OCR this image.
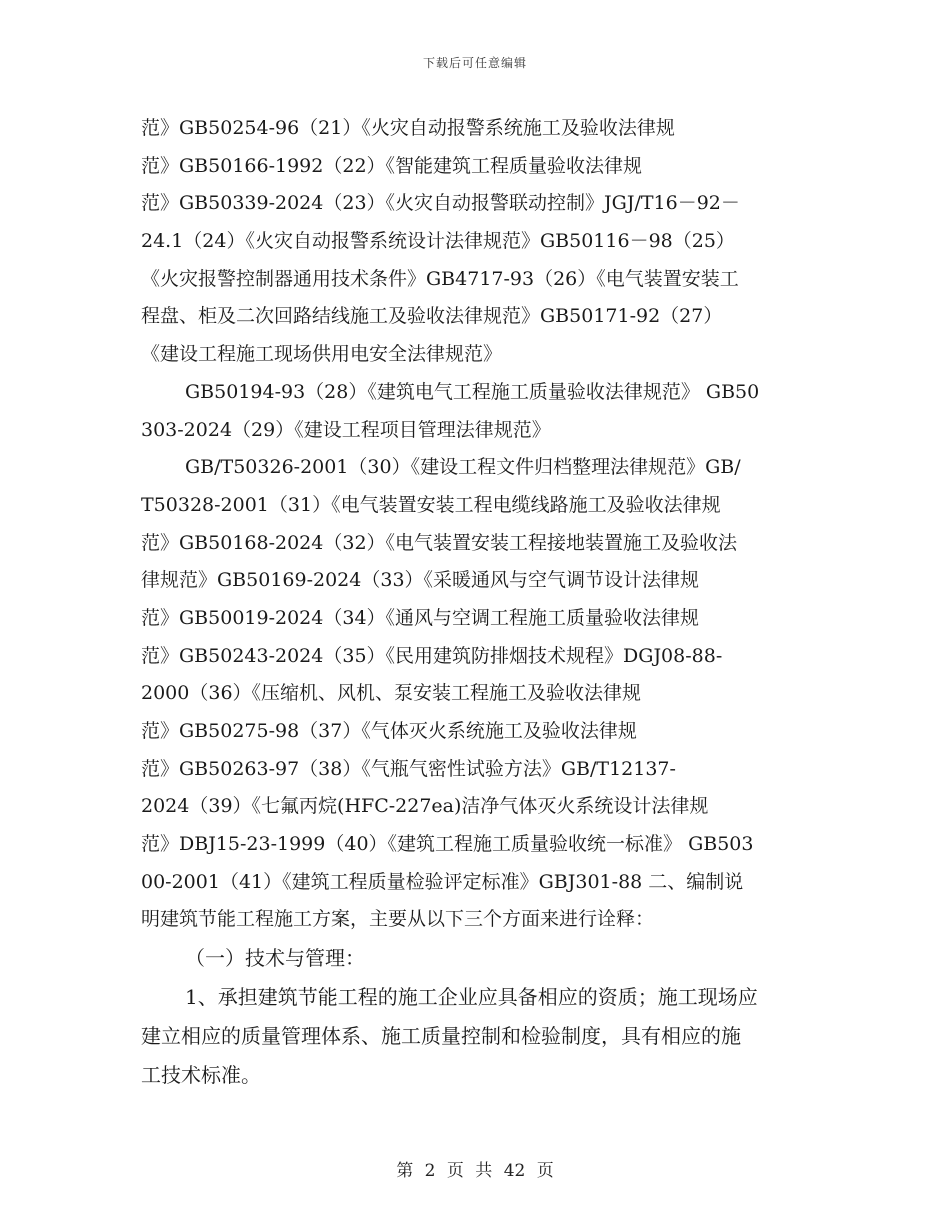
下载后可任意编辑
范》GB50254-96（21）《火灾自动报警系统施工及验收法律规
范》GB50166-1992（22）《智能建筑工程质量验收法律规
范》GB50339-2024（23）《火灾自动报警联动控制》JGJ/T16－92－
24.1（24）《火灾自动报警系统设计法律规范》GB50116－98（25）
《火灾报警控制器通用技术条件》GB4717-93（26）《电气装置安装工
程盘、柜及二次回路结线施工及验收法律规范》GB50171-92（27）
《建设工程施工现场供用电安全法律规范》
GB50194-93（28）《建筑电气工程施工质量验收法律规范》 GB50
303-2024（29）《建设工程项目管理法律规范》
GB/T50326-2001（30）《建设工程文件归档整理法律规范》GB/
T50328-2001（31）《电气装置安装工程电缆线路施工及验收法律规
范》GB50168-2024（32）《电气装置安装工程接地装置施工及验收法
律规范》GB50169-2024（33）《采暖通风与空气调节设计法律规
范》GB50019-2024（34）《通风与空调工程施工质量验收法律规
范》GB50243-2024（35）《民用建筑防排烟技术规程》DGJ08-88-
2000（36）《压缩机、风机、泵安装工程施工及验收法律规
范》GB50275-98（37）《气体灭火系统施工及验收法律规
范》GB50263-97（38）《气瓶气密性试验方法》GB/T12137-
2024（39）《七氟丙烷(HFC-227ea)洁净气体灭火系统设计法律规
范》DBJ15-23-1999（40）《建筑工程施工质量验收统一标准》 GB503
00-2001（41）《建筑工程质量检验评定标准》GBJ301-88 二、编制说
明建筑节能工程施工方案，主要从以下三个方面来进行诠释：
（一）技术与管理：
1、承担建筑节能工程的施工企业应具备相应的资质；施工现场应
建立相应的质量管理体系、施工质量控制和检验制度，具有相应的施
工技术标准。
第 2 页 共 42 页
